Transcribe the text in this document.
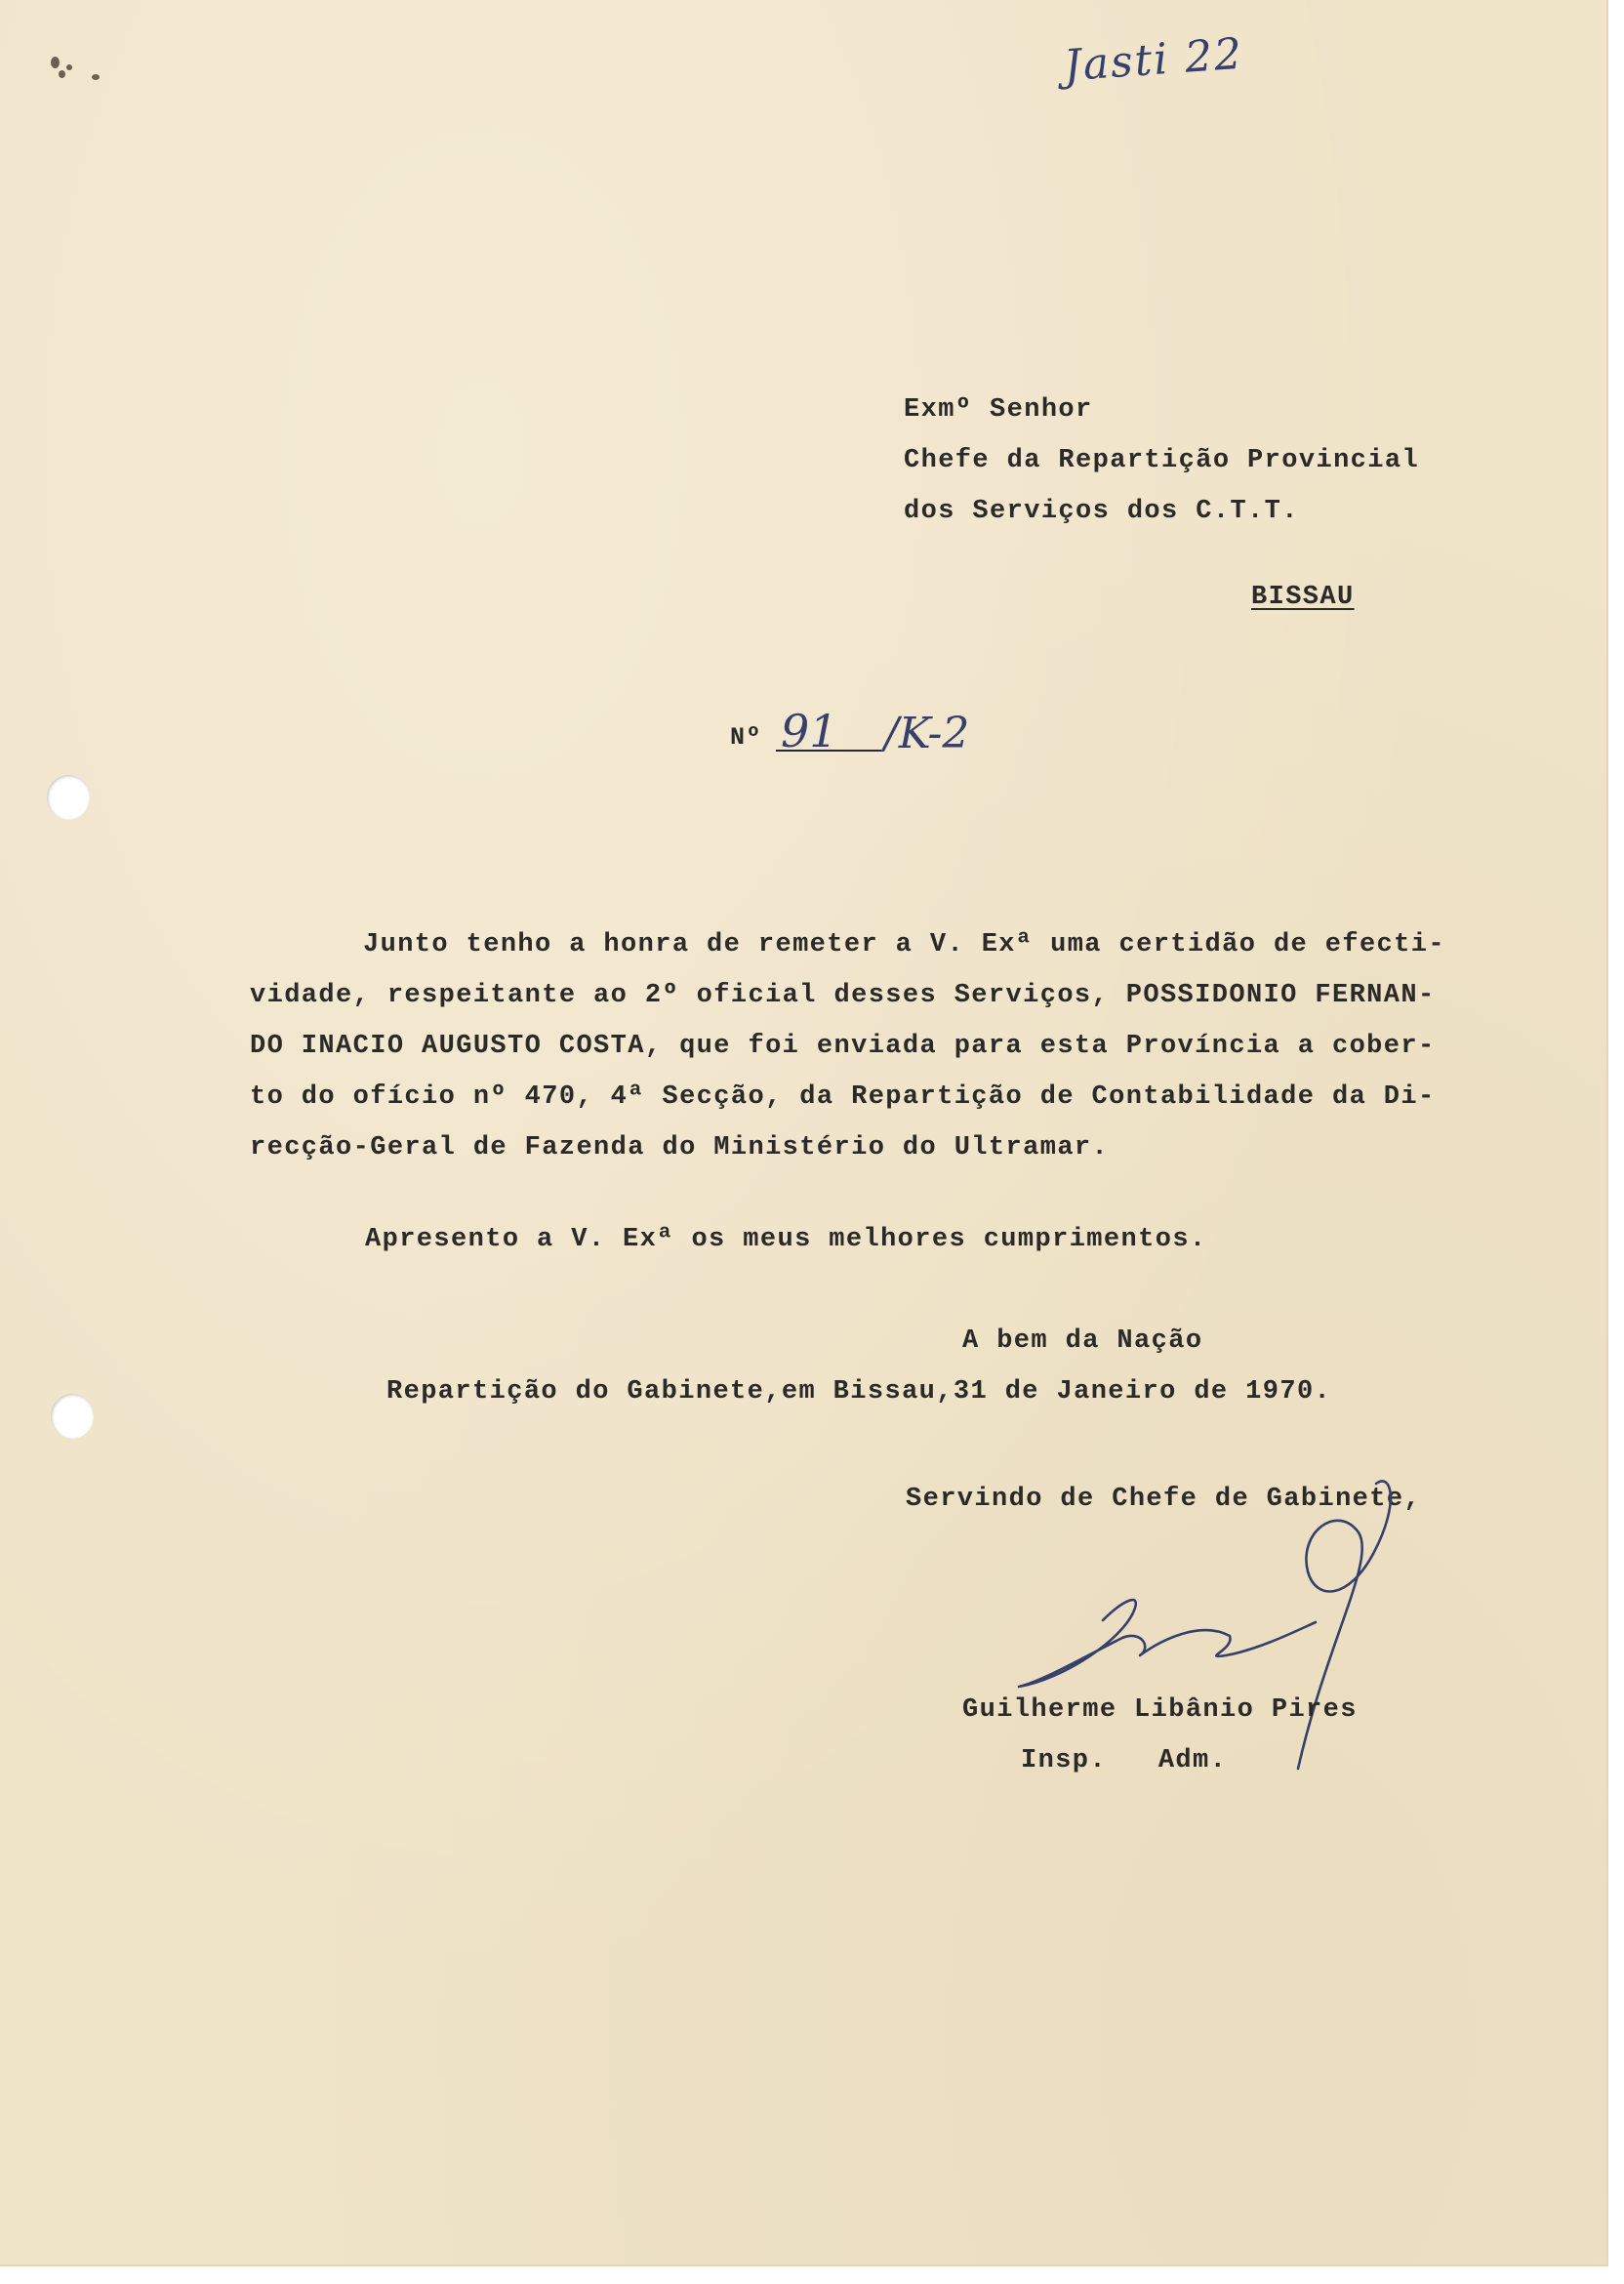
Jasti 22
Exmº Senhor
Chefe da Repartição Provincial
dos Serviços dos C.T.T.
BISSAU
Nº 91 /K-2
Junto tenho a honra de remeter a V. Exª uma certidão de efecti-
vidade, respeitante ao 2º oficial desses Serviços, POSSIDONIO FERNAN-
DO INACIO AUGUSTO COSTA, que foi enviada para esta Província a cober-
to do ofício nº 470, 4ª Secção, da Repartição de Contabilidade da Di-
recção-Geral de Fazenda do Ministério do Ultramar.
Apresento a V. Exª os meus melhores cumprimentos.
A bem da Nação
Repartição do Gabinete,em Bissau,31 de Janeiro de 1970.
Servindo de Chefe de Gabinete,
Guilherme Libânio Pires
Insp.   Adm.
